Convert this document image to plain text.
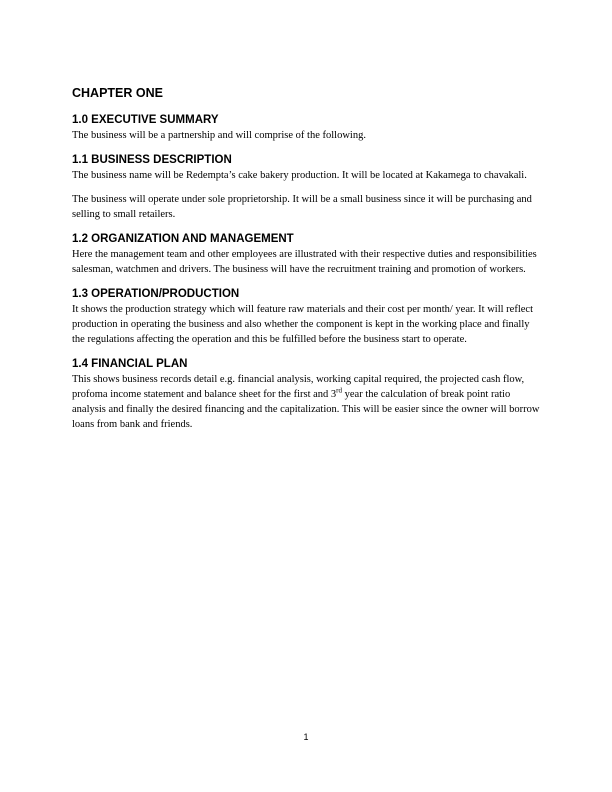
CHAPTER ONE
1.0 EXECUTIVE SUMMARY

The business will be a partnership and will comprise of the following.

1.1 BUSINESS DESCRIPTION

The business name will be Redempta’s cake bakery production. It will be located at Kakamega to chavakali.

The business will operate under sole proprietorship. It will be a small business since it will be purchasing and selling to small retailers.

1.2 ORGANIZATION AND MANAGEMENT

Here the management team and other employees are illustrated with their respective duties and responsibilities salesman, watchmen and drivers. The business will have the recruitment training and promotion of workers.

1.3 OPERATION/PRODUCTION

It shows the production strategy which will feature raw materials and their cost per month/ year. It will reflect production in operating the business and also whether the component is kept in the working place and finally the regulations affecting the operation and this be fulfilled before the business start to operate.

1.4 FINANCIAL PLAN

This shows business records detail e.g. financial analysis, working capital required, the projected cash flow, profoma income statement and balance sheet for the first and 3rd year the calculation of break point ratio analysis and finally the desired financing and the capitalization. This will be easier since the owner will borrow loans from bank and friends.

1
